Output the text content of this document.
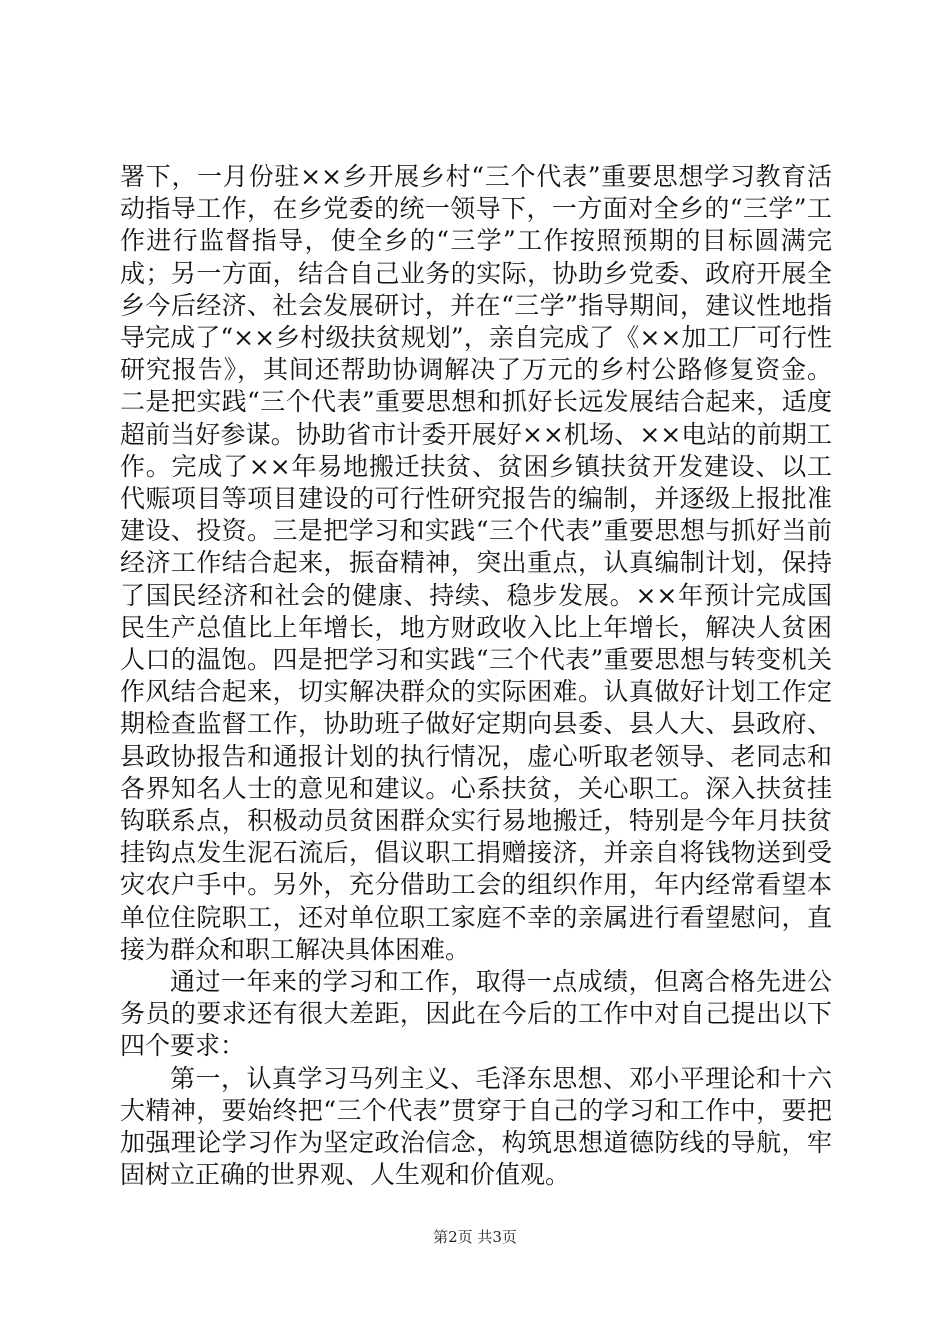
署下，一月份驻××乡开展乡村“三个代表”重要思想学习教育活动指导工作，在乡党委的统一领导下，一方面对全乡的“三学”工作进行监督指导，使全乡的“三学”工作按照预期的目标圆满完成；另一方面，结合自己业务的实际，协助乡党委、政府开展全乡今后经济、社会发展研讨，并在“三学”指导期间，建议性地指导完成了“××乡村级扶贫规划”，亲自完成了《××加工厂可行性研究报告》，其间还帮助协调解决了万元的乡村公路修复资金。二是把实践“三个代表”重要思想和抓好长远发展结合起来，适度超前当好参谋。协助省市计委开展好××机场、××电站的前期工作。完成了××年易地搬迁扶贫、贫困乡镇扶贫开发建设、以工代赈项目等项目建设的可行性研究报告的编制，并逐级上报批准建设、投资。三是把学习和实践“三个代表”重要思想与抓好当前经济工作结合起来，振奋精神，突出重点，认真编制计划，保持了国民经济和社会的健康、持续、稳步发展。××年预计完成国民生产总值比上年增长，地方财政收入比上年增长，解决人贫困人口的温饱。四是把学习和实践“三个代表”重要思想与转变机关作风结合起来，切实解决群众的实际困难。认真做好计划工作定期检查监督工作，协助班子做好定期向县委、县人大、县政府、县政协报告和通报计划的执行情况，虚心听取老领导、老同志和各界知名人士的意见和建议。心系扶贫，关心职工。深入扶贫挂钩联系点，积极动员贫困群众实行易地搬迁，特别是今年月扶贫挂钩点发生泥石流后，倡议职工捐赠接济，并亲自将钱物送到受灾农户手中。另外，充分借助工会的组织作用，年内经常看望本单位住院职工，还对单位职工家庭不幸的亲属进行看望慰问，直接为群众和职工解决具体困难。

通过一年来的学习和工作，取得一点成绩，但离合格先进公务员的要求还有很大差距，因此在今后的工作中对自己提出以下四个要求：

第一，认真学习马列主义、毛泽东思想、邓小平理论和十六大精神，要始终把“三个代表”贯穿于自己的学习和工作中，要把加强理论学习作为坚定政治信念，构筑思想道德防线的导航，牢固树立正确的世界观、人生观和价值观。

第2页 共3页
